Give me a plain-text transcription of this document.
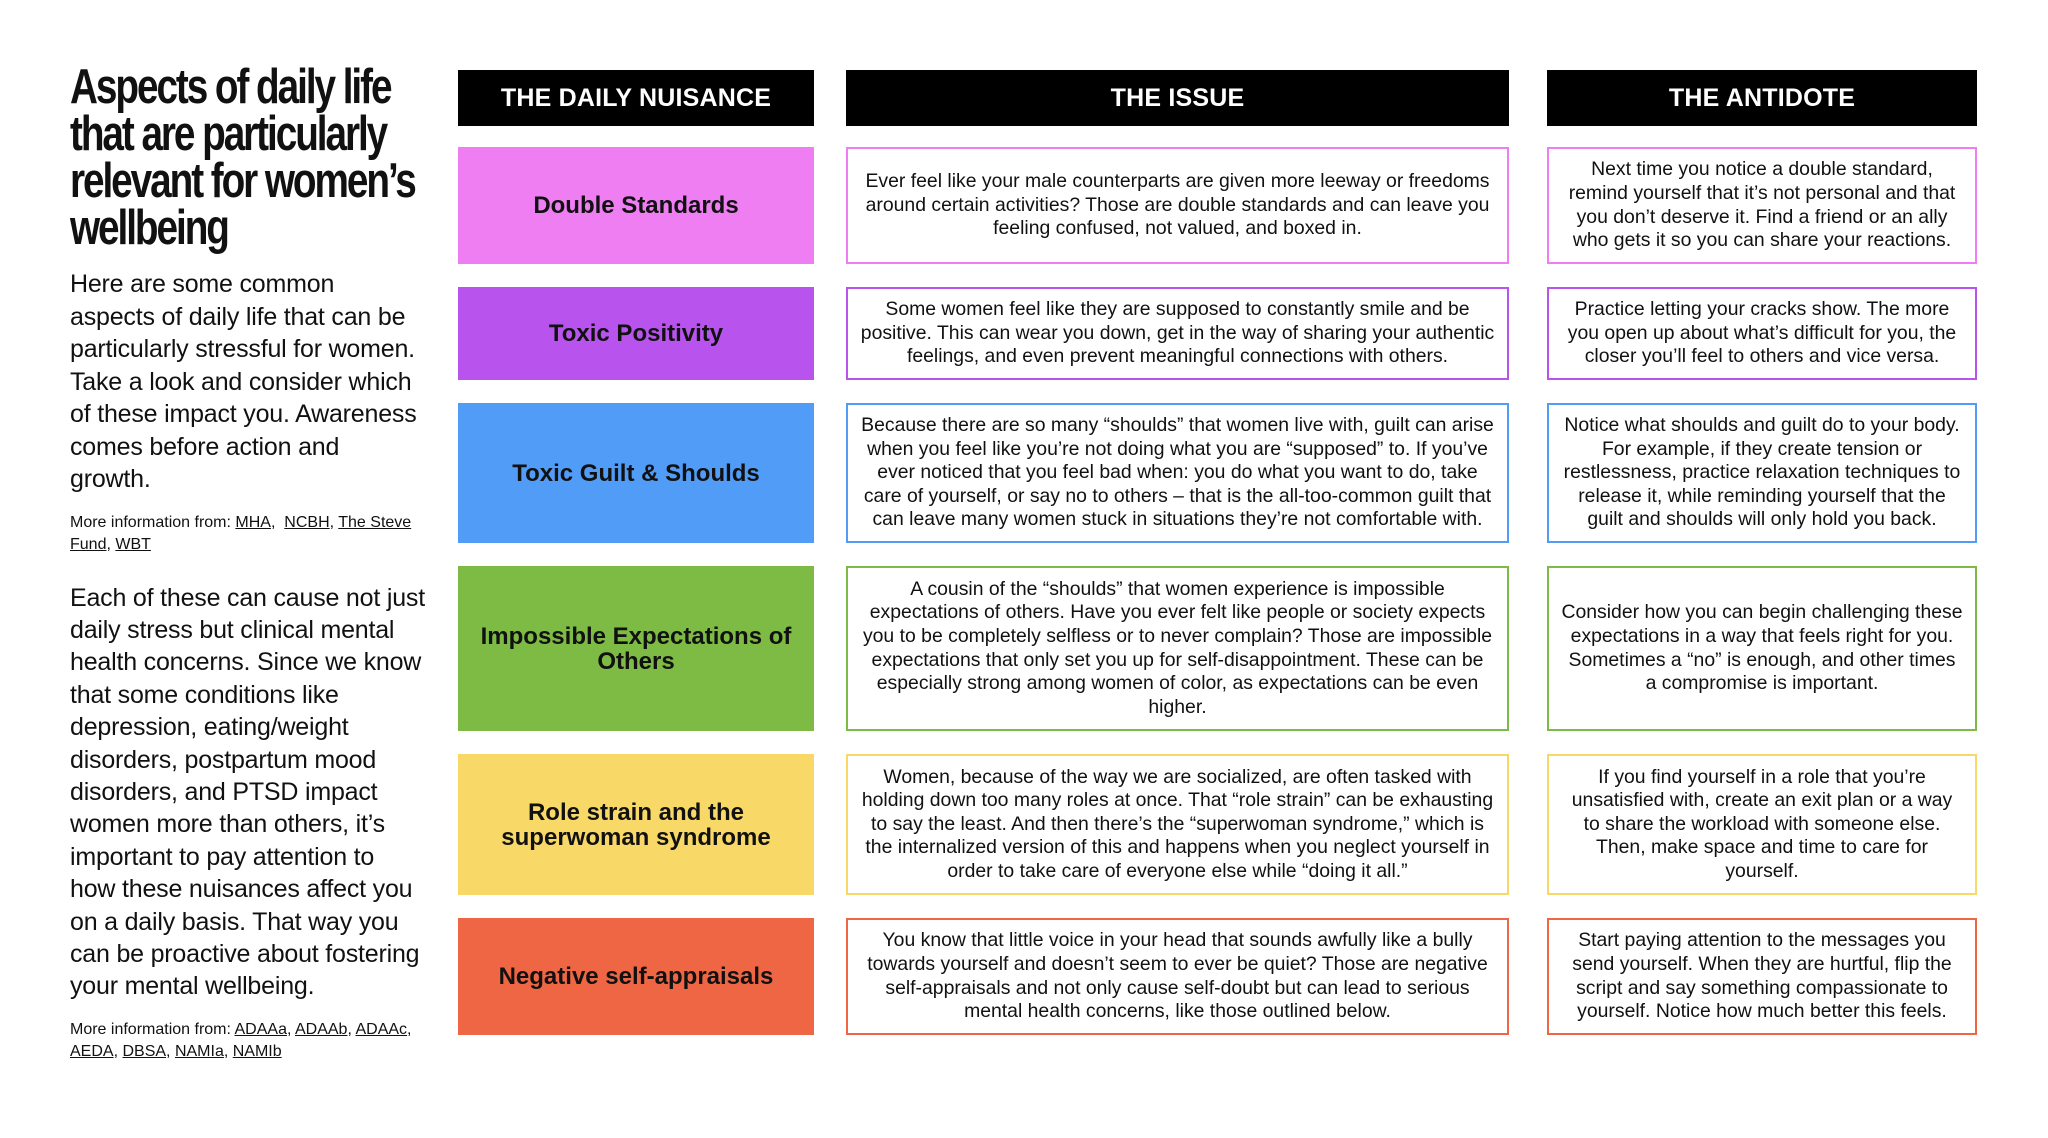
Aspects of daily life that are particularly relevant for women’s wellbeing

Here are some common aspects of daily life that can be particularly stressful for women. Take a look and consider which of these impact you. Awareness comes before action and growth.

More information from: MHA,  NCBH, The Steve Fund, WBT

Each of these can cause not just daily stress but clinical mental health concerns. Since we know that some conditions like depression, eating/weight disorders, postpartum mood disorders, and PTSD impact women more than others, it’s important to pay attention to how these nuisances affect you on a daily basis. That way you can be proactive about fostering your mental wellbeing.

More information from: ADAAa, ADAAb, ADAAc, AEDA, DBSA, NAMIa, NAMIb

THE DAILY NUISANCE	THE ISSUE	THE ANTIDOTE
Double Standards
Ever feel like your male counterparts are given more leeway or freedoms around certain activities? Those are double standards and can leave you feeling confused, not valued, and boxed in.
Next time you notice a double standard, remind yourself that it’s not personal and that you don’t deserve it. Find a friend or an ally who gets it so you can share your reactions.
Toxic Positivity
Some women feel like they are supposed to constantly smile and be positive. This can wear you down, get in the way of sharing your authentic feelings, and even prevent meaningful connections with others.
Practice letting your cracks show. The more you open up about what’s difficult for you, the closer you’ll feel to others and vice versa.
Toxic Guilt & Shoulds
Because there are so many “shoulds” that women live with, guilt can arise when you feel like you’re not doing what you are “supposed” to. If you’ve ever noticed that you feel bad when: you do what you want to do, take care of yourself, or say no to others – that is the all-too-common guilt that can leave many women stuck in situations they’re not comfortable with.
Notice what shoulds and guilt do to your body. For example, if they create tension or restlessness, practice relaxation techniques to release it, while reminding yourself that the guilt and shoulds will only hold you back.
Impossible Expectations of Others
A cousin of the “shoulds” that women experience is impossible expectations of others. Have you ever felt like people or society expects you to be completely selfless or to never complain? Those are impossible expectations that only set you up for self-disappointment. These can be especially strong among women of color, as expectations can be even higher.
Consider how you can begin challenging these expectations in a way that feels right for you. Sometimes a “no” is enough, and other times a compromise is important.
Role strain and the superwoman syndrome
Women, because of the way we are socialized, are often tasked with holding down too many roles at once. That “role strain” can be exhausting to say the least. And then there’s the “superwoman syndrome,” which is the internalized version of this and happens when you neglect yourself in order to take care of everyone else while “doing it all.”
If you find yourself in a role that you’re unsatisfied with, create an exit plan or a way to share the workload with someone else. Then, make space and time to care for yourself.
Negative self-appraisals
You know that little voice in your head that sounds awfully like a bully towards yourself and doesn’t seem to ever be quiet? Those are negative self-appraisals and not only cause self-doubt but can lead to serious mental health concerns, like those outlined below.
Start paying attention to the messages you send yourself. When they are hurtful, flip the script and say something compassionate to yourself. Notice how much better this feels.
